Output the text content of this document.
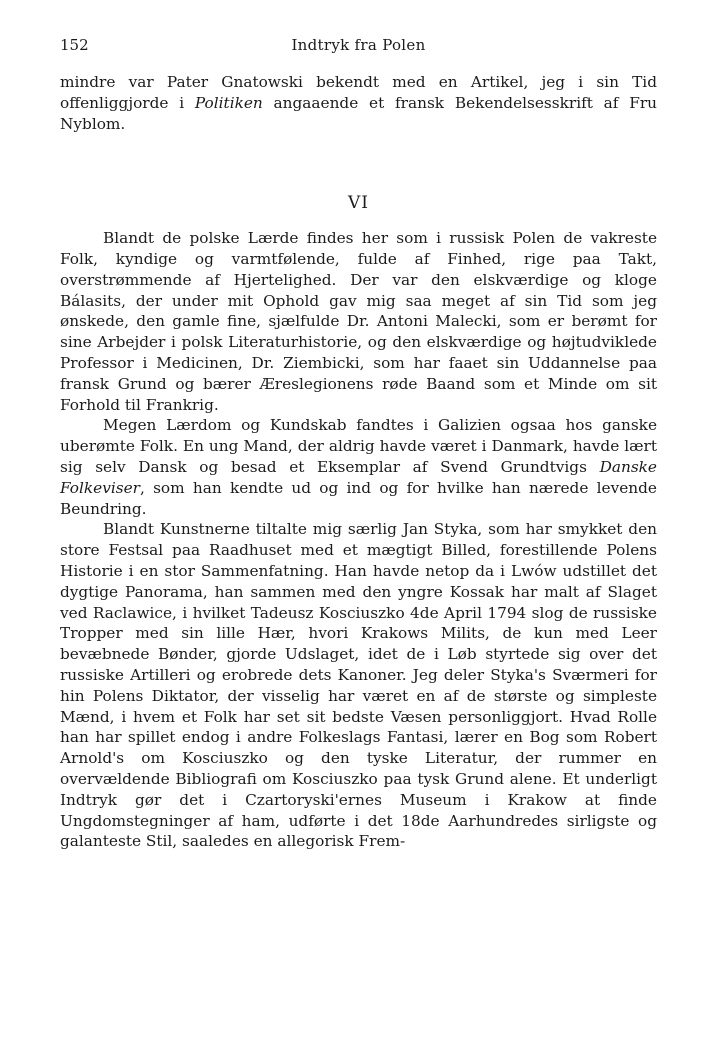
152	Indtryk fra Polen

mindre var Pater Gnatowski bekendt med en Artikel, jeg i sin Tid offenliggjorde i Politiken angaaende et fransk Bekendelsesskrift af Fru Nyblom.

VI

Blandt de polske Lærde findes her som i russisk Polen de vakreste Folk, kyndige og varmtfølende, fulde af Finhed, rige paa Takt, overstrømmende af Hjertelighed. Der var den elskværdige og kloge Bálasits, der under mit Ophold gav mig saa meget af sin Tid som jeg ønskede, den gamle fine, sjælfulde Dr. Antoni Malecki, som er berømt for sine Arbejder i polsk Literaturhistorie, og den elskværdige og højtudviklede Professor i Medicinen, Dr. Ziembicki, som har faaet sin Uddannelse paa fransk Grund og bærer Æreslegionens røde Baand som et Minde om sit Forhold til Frankrig.

Megen Lærdom og Kundskab fandtes i Galizien ogsaa hos ganske uberømte Folk. En ung Mand, der aldrig havde været i Danmark, havde lært sig selv Dansk og besad et Eksemplar af Svend Grundtvigs Danske Folkeviser, som han kendte ud og ind og for hvilke han nærede levende Beundring.

Blandt Kunstnerne tiltalte mig særlig Jan Styka, som har smykket den store Festsal paa Raadhuset med et mægtigt Billed, forestillende Polens Historie i en stor Sammenfatning. Han havde netop da i Lwów udstillet det dygtige Panorama, han sammen med den yngre Kossak har malt af Slaget ved Raclawice, i hvilket Tadeusz Kosciuszko 4de April 1794 slog de russiske Tropper med sin lille Hær, hvori Krakows Milits, de kun med Leer bevæbnede Bønder, gjorde Udslaget, idet de i Løb styrtede sig over det russiske Artilleri og erobrede dets Kanoner. Jeg deler Styka's Sværmeri for hin Polens Diktator, der visselig har været en af de største og simpleste Mænd, i hvem et Folk har set sit bedste Væsen personliggjort. Hvad Rolle han har spillet endog i andre Folkeslags Fantasi, lærer en Bog som Robert Arnold's om Kosciuszko og den tyske Literatur, der rummer en overvældende Bibliografi om Kosciuszko paa tysk Grund alene. Et underligt Indtryk gør det i Czartoryski'ernes Museum i Krakow at finde Ungdomstegninger af ham, udførte i det 18de Aarhundredes sirligste og galanteste Stil, saaledes en allegorisk Frem-
